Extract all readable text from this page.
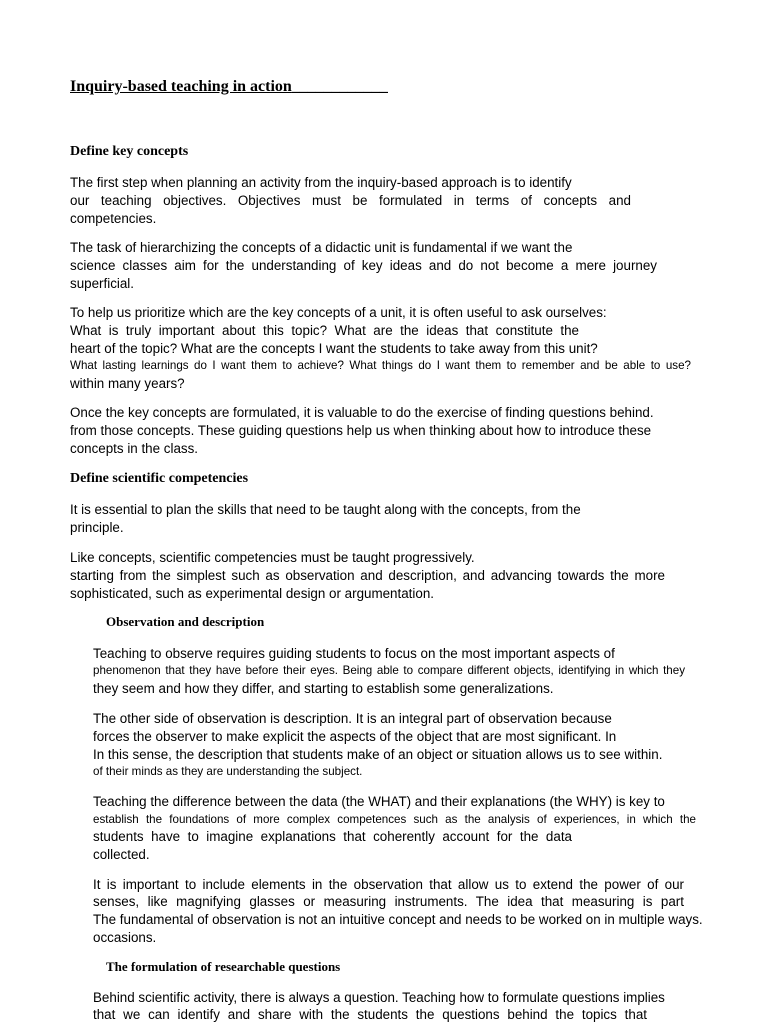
Inquiry-based teaching in action____________
Define key concepts
The first step when planning an activity from the inquiry-based approach is to identify
our teaching objectives. Objectives must be formulated in terms of concepts and
competencies.
The task of hierarchizing the concepts of a didactic unit is fundamental if we want the
science classes aim for the understanding of key ideas and do not become a mere journey
superficial.
To help us prioritize which are the key concepts of a unit, it is often useful to ask ourselves:
What is truly important about this topic? What are the ideas that constitute the
heart of the topic? What are the concepts I want the students to take away from this unit?
What lasting learnings do I want them to achieve? What things do I want them to remember and be able to use?
within many years?
Once the key concepts are formulated, it is valuable to do the exercise of finding questions behind.
from those concepts. These guiding questions help us when thinking about how to introduce these
concepts in the class.
Define scientific competencies
It is essential to plan the skills that need to be taught along with the concepts, from the
principle.
Like concepts, scientific competencies must be taught progressively.
starting from the simplest such as observation and description, and advancing towards the more
sophisticated, such as experimental design or argumentation.
Observation and description
Teaching to observe requires guiding students to focus on the most important aspects of
phenomenon that they have before their eyes. Being able to compare different objects, identifying in which they
they seem and how they differ, and starting to establish some generalizations.
The other side of observation is description. It is an integral part of observation because
forces the observer to make explicit the aspects of the object that are most significant. In
In this sense, the description that students make of an object or situation allows us to see within.
of their minds as they are understanding the subject.
Teaching the difference between the data (the WHAT) and their explanations (the WHY) is key to
establish the foundations of more complex competences such as the analysis of experiences, in which the
students have to imagine explanations that coherently account for the data
collected.
It is important to include elements in the observation that allow us to extend the power of our
senses, like magnifying glasses or measuring instruments. The idea that measuring is part
The fundamental of observation is not an intuitive concept and needs to be worked on in multiple ways.
occasions.
The formulation of researchable questions
Behind scientific activity, there is always a question. Teaching how to formulate questions implies
that we can identify and share with the students the questions behind the topics that
